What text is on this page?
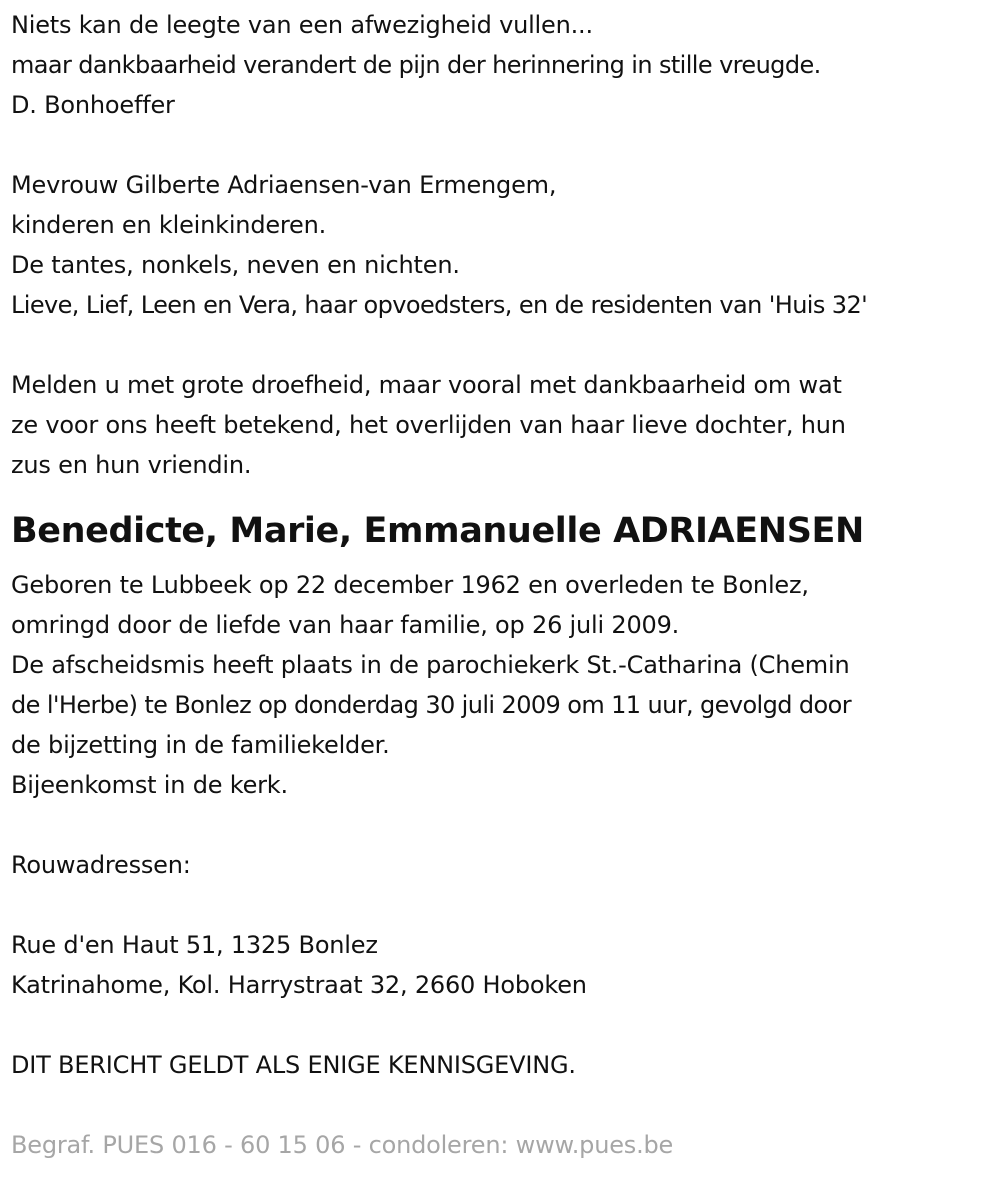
Niets kan de leegte van een afwezigheid vullen...
maar dankbaarheid verandert de pijn der herinnering in stille vreugde.
D. Bonhoeffer
Mevrouw Gilberte Adriaensen-van Ermengem,
kinderen en kleinkinderen.
De tantes, nonkels, neven en nichten.
Lieve, Lief, Leen en Vera, haar opvoedsters, en de residenten van 'Huis 32'
Melden u met grote droefheid, maar vooral met dankbaarheid om wat
ze voor ons heeft betekend, het overlijden van haar lieve dochter, hun
zus en hun vriendin.
Benedicte, Marie, Emmanuelle ADRIAENSEN
Geboren te Lubbeek op 22 december 1962 en overleden te Bonlez,
omringd door de liefde van haar familie, op 26 juli 2009.
De afscheidsmis heeft plaats in de parochiekerk St.-Catharina (Chemin
de l'Herbe) te Bonlez op donderdag 30 juli 2009 om 11 uur, gevolgd door
de bijzetting in de familiekelder.
Bijeenkomst in de kerk.
Rouwadressen:
Rue d'en Haut 51, 1325 Bonlez
Katrinahome, Kol. Harrystraat 32, 2660 Hoboken
DIT BERICHT GELDT ALS ENIGE KENNISGEVING.
Begraf. PUES 016 - 60 15 06 - condoleren: www.pues.be
